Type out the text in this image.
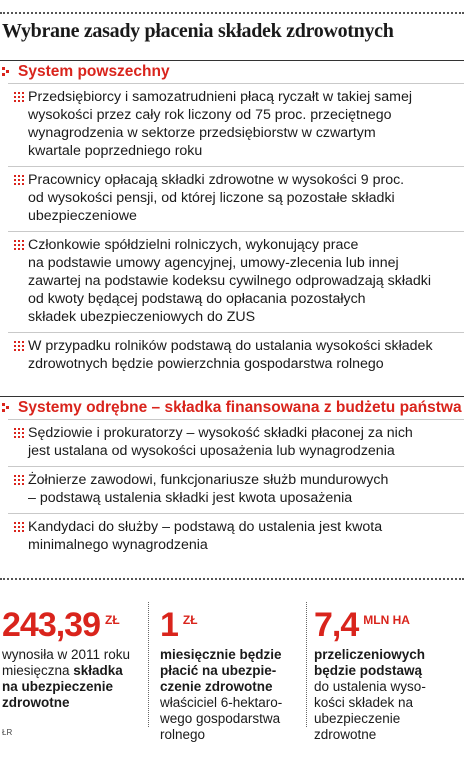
Wybrane zasady płacenia składek zdrowotnych
System powszechny
Przedsiębiorcy i samozatrudnieni płacą ryczałt w takiej samej
wysokości przez cały rok liczony od 75 proc. przeciętnego
wynagrodzenia w sektorze przedsiębiorstw w czwartym
kwartale poprzedniego roku
Pracownicy opłacają składki zdrowotne w wysokości 9 proc.
od wysokości pensji, od której liczone są pozostałe składki
ubezpieczeniowe
Członkowie spółdzielni rolniczych, wykonujący prace
na podstawie umowy agencyjnej, umowy-zlecenia lub innej
zawartej na podstawie kodeksu cywilnego odprowadzają składki
od kwoty będącej podstawą do opłacania pozostałych
składek ubezpieczeniowych do ZUS
W przypadku rolników podstawą do ustalania wysokości składek
zdrowotnych będzie powierzchnia gospodarstwa rolnego
Systemy odrębne – składka finansowana z budżetu państwa
Sędziowie i prokuratorzy – wysokość składki płaconej za nich
jest ustalana od wysokości uposażenia lub wynagrodzenia
Żołnierze zawodowi, funkcjonariusze służb mundurowych
– podstawą ustalenia składki jest kwota uposażenia
Kandydaci do służby – podstawą do ustalenia jest kwota
minimalnego wynagrodzenia
243,39 $^{ZŁ}$
wynosiła w 2011 roku
miesięczna składka
na ubezpieczenie
zdrowotne
1 $^{ZŁ}$
miesięcznie będzie
płacić na ubezpie-
czenie zdrowotne
właściciel 6-hektaro-
wego gospodarstwa
rolnego
7,4 $^{MLN HA}$
przeliczeniowych
będzie podstawą
do ustalenia wyso-
kości składek na
ubezpieczenie
zdrowotne
ŁR
